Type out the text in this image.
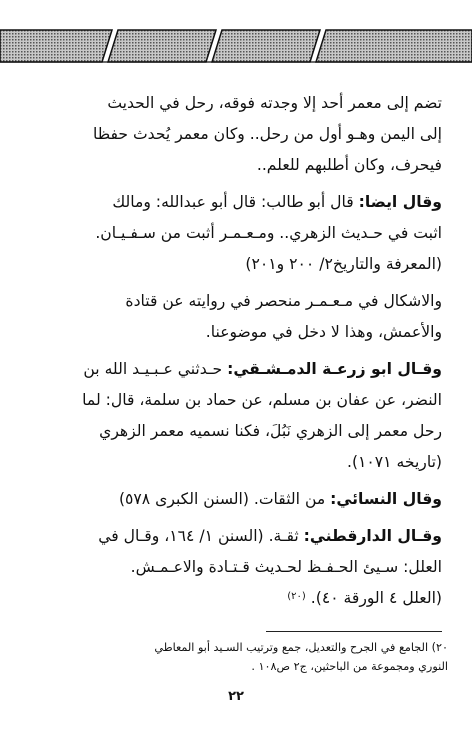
تضم إلى معمر أحد إلا وجدته فوقه، رحل في الحديث
إلى اليمن وهـو أول من رحل.. وكان معمر يُحدث حفظا
فيحرف، وكان أطلبهم للعلم..

وقال ايضا: قال أبو طالب: قال أبو عبدالله: ومالك
اثبت في حـديث الزهري.. ومـعـمـر أثبت من سـفـيـان.
(المعرفة والتاريخ٢/ ٢٠٠ و٢٠١)

والاشكال في مـعـمـر منحصر في روايته عن قتادة
والأعمش، وهذا لا دخل في موضوعنا.

وقـال ابو زرعـة الدمـشـقي: حـدثني عـبـيـد الله بن
النضر، عن عفان بن مسلم، عن حماد بن سلمة، قال: لما
رحل معمر إلى الزهري نَبُلَ، فكنا نسميه معمر الزهري
(تاريخه ١٠٧١).

وقال النسائي: من الثقات. (السنن الكبرى ٥٧٨)

وقـال الدارقطني: ثقـة. (السنن ١/ ١٦٤، وقـال في
العلل: سـيئ الحـفـظ لحـديث قـتـادة والاعـمـش.
(العلل ٤ الورقة ٤٠). $^{(٢٠)}$

٢٠) الجامع في الجرح والتعديل، جمع وترتيب السـيد أبو المعاطي
النوري ومجموعة من الباحثين، ج٢ ص١٠٨ .
٢٢
